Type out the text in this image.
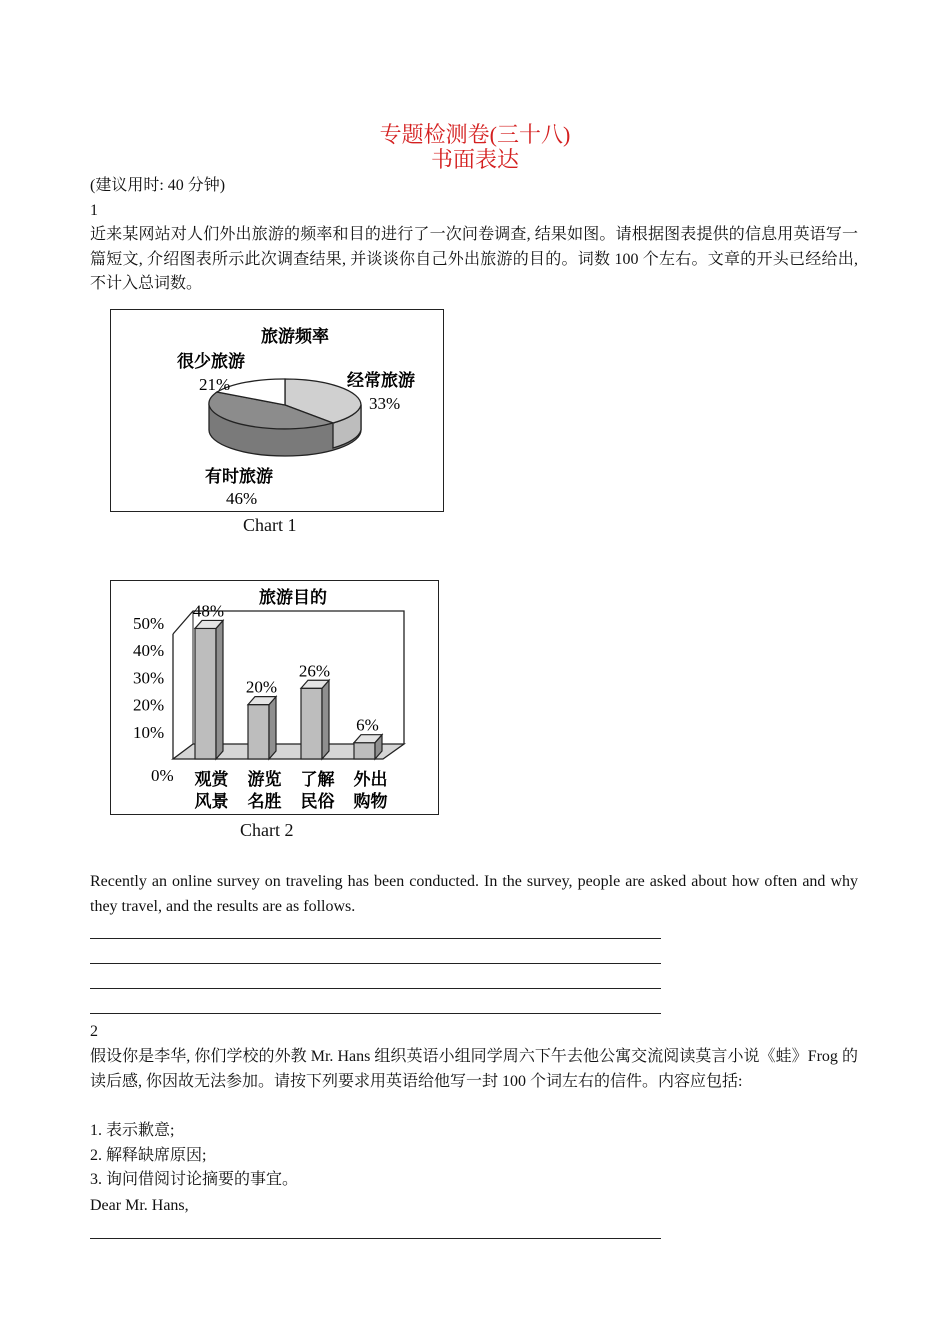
专题检测卷(三十八)
书面表达
(建议用时: 40 分钟)
1
近来某网站对人们外出旅游的频率和目的进行了一次问卷调查, 结果如图。请根据图表提供的信息用英语写一篇短文, 介绍图表所示此次调查结果, 并谈谈你自己外出旅游的目的。词数 100 个左右。文章的开头已经给出, 不计入总词数。
旅游频率
很少旅游
21%	经常旅游
33%
有时旅游
46%
Chart 1
旅游目的
0%
10%
20%
30%
40%
50%
48%
20%
26%
6%
观赏
风景
游览
名胜
了解
民俗
外出
购物
Chart 2
Recently an online survey on traveling has been conducted. In the survey, people are asked about how often and why they travel, and the results are as follows.
2
假设你是李华, 你们学校的外教 Mr. Hans 组织英语小组同学周六下午去他公寓交流阅读莫言小说《蛙》Frog 的读后感, 你因故无法参加。请按下列要求用英语给他写一封 100 个词左右的信件。内容应包括:
1. 表示歉意;
2. 解释缺席原因;
3. 询问借阅讨论摘要的事宜。
Dear Mr. Hans,
